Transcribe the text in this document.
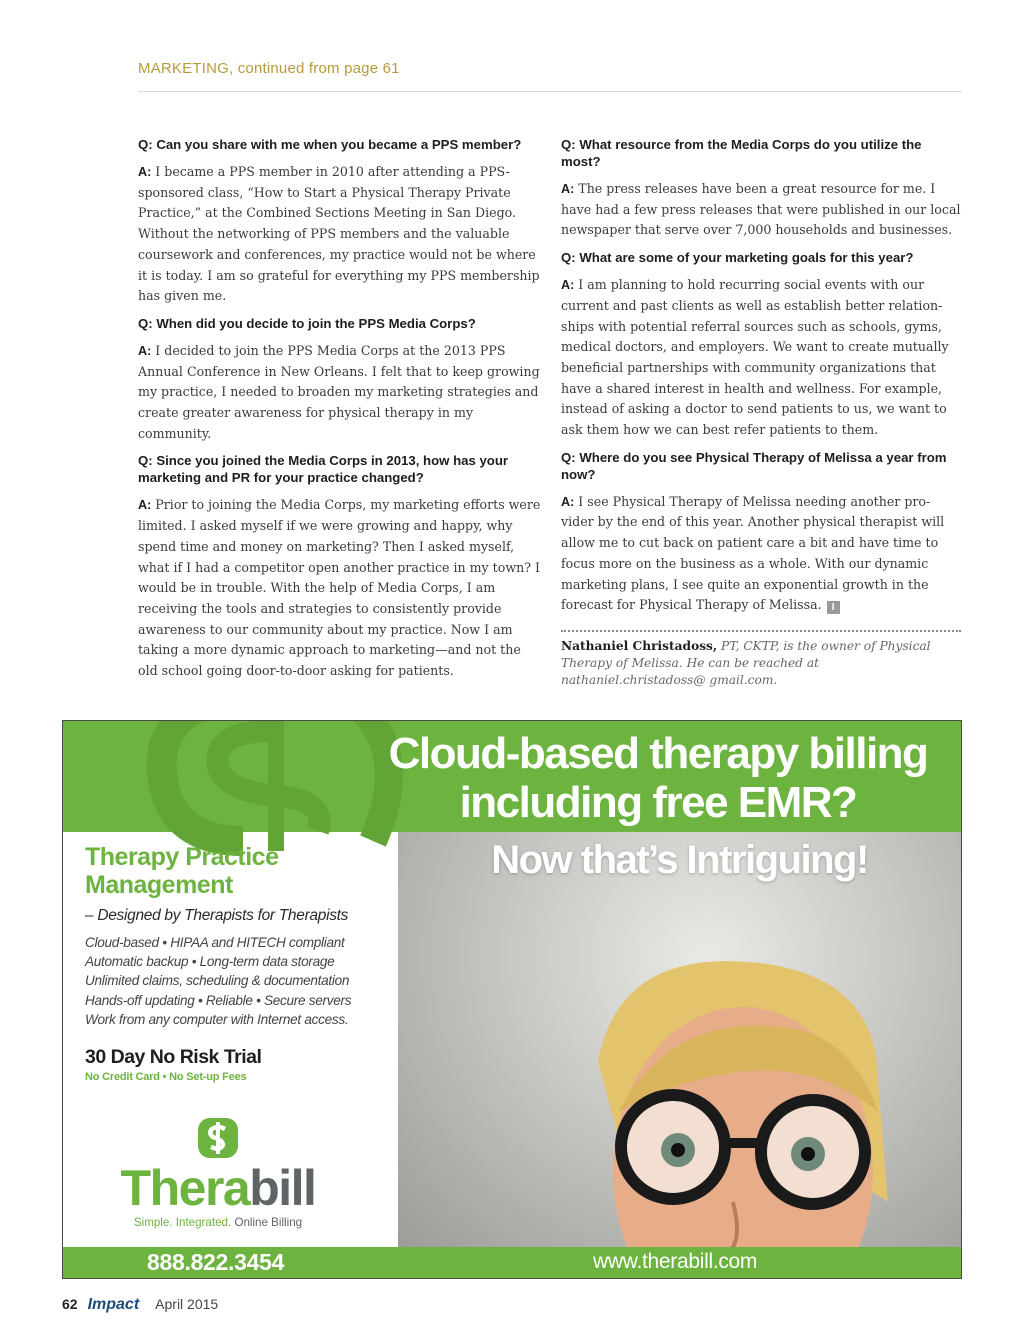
MARKETING, continued from page 61
Q: Can you share with me when you became a PPS member?

A: I became a PPS member in 2010 after attending a PPS-sponsored class, “How to Start a Physical Therapy Private Practice,” at the Combined Sections Meeting in San Diego. Without the networking of PPS members and the valuable coursework and conferences, my practice would not be where it is today. I am so grateful for everything my PPS membership has given me.

Q: When did you decide to join the PPS Media Corps?

A: I decided to join the PPS Media Corps at the 2013 PPS Annual Conference in New Orleans. I felt that to keep growing my practice, I needed to broaden my marketing strategies and create greater awareness for physical therapy in my community.

Q: Since you joined the Media Corps in 2013, how has your marketing and PR for your practice changed?

A: Prior to joining the Media Corps, my marketing efforts were limited. I asked myself if we were growing and happy, why spend time and money on marketing? Then I asked myself, what if I had a competitor open another practice in my town? I would be in trouble. With the help of Media Corps, I am receiving the tools and strategies to consistently provide awareness to our community about my practice. Now I am taking a more dynamic approach to marketing—and not the old school going door-to-door asking for patients.

Q: What resource from the Media Corps do you utilize the most?

A: The press releases have been a great resource for me. I have had a few press releases that were published in our local newspaper that serve over 7,000 households and businesses.

Q: What are some of your marketing goals for this year?

A: I am planning to hold recurring social events with our current and past clients as well as establish better relation-ships with potential referral sources such as schools, gyms, medical doctors, and employers. We want to create mutually beneficial partnerships with community organizations that have a shared interest in health and wellness. For example, instead of asking a doctor to send patients to us, we want to ask them how we can best refer patients to them.

Q: Where do you see Physical Therapy of Melissa a year from now?

A: I see Physical Therapy of Melissa needing another pro-vider by the end of this year. Another physical therapist will allow me to cut back on patient care a bit and have time to focus more on the business as a whole. With our dynamic marketing plans, I see quite an exponential growth in the forecast for Physical Therapy of Melissa. I

Nathaniel Christadoss, PT, CKTP, is the owner of Physical Therapy of Melissa. He can be reached at nathaniel.christadoss@ gmail.com.

Cloud-based therapy billing
including free EMR?
Now that’s Intriguing!
Therapy Practice
Management
– Designed by Therapists for Therapists
Cloud-based • HIPAA and HITECH compliant
Automatic backup • Long-term data storage
Unlimited claims, scheduling & documentation
Hands-off updating • Reliable • Secure servers
Work from any computer with Internet access.
30 Day No Risk Trial
No Credit Card • No Set-up Fees
Therabill
Simple. Integrated. Online Billing
888.822.3454	www.therabill.com
62 Impact April 2015
